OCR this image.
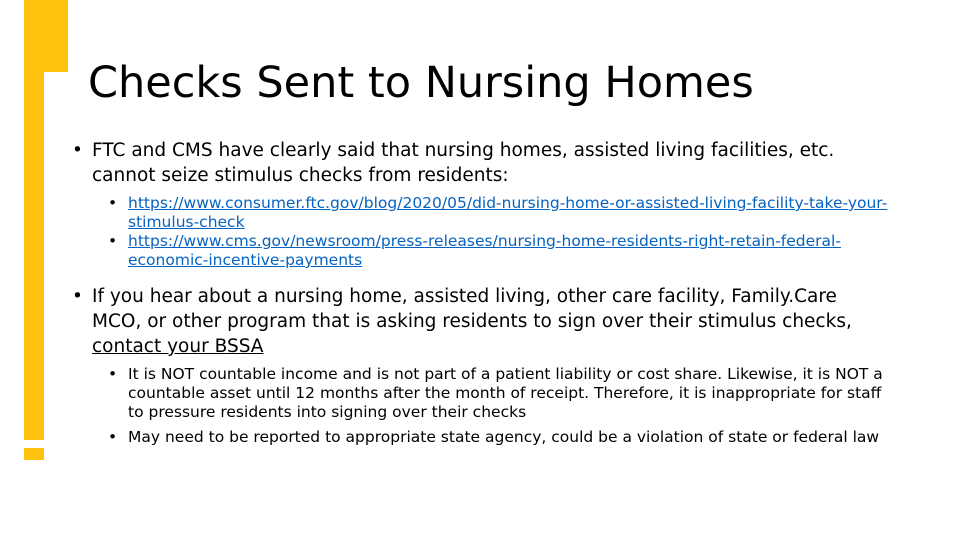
Checks Sent to Nursing Homes
• FTC and CMS have clearly said that nursing homes, assisted living facilities, etc. cannot seize stimulus checks from residents:
• https://www.consumer.ftc.gov/blog/2020/05/did-nursing-home-or-assisted-living-facility-take-your-stimulus-check
• https://www.cms.gov/newsroom/press-releases/nursing-home-residents-right-retain-federal-economic-incentive-payments
• If you hear about a nursing home, assisted living, other care facility, Family.Care MCO, or other program that is asking residents to sign over their stimulus checks, contact your BSSA
• It is NOT countable income and is not part of a patient liability or cost share. Likewise, it is NOT a countable asset until 12 months after the month of receipt. Therefore, it is inappropriate for staff to pressure residents into signing over their checks
• May need to be reported to appropriate state agency, could be a violation of state or federal law
